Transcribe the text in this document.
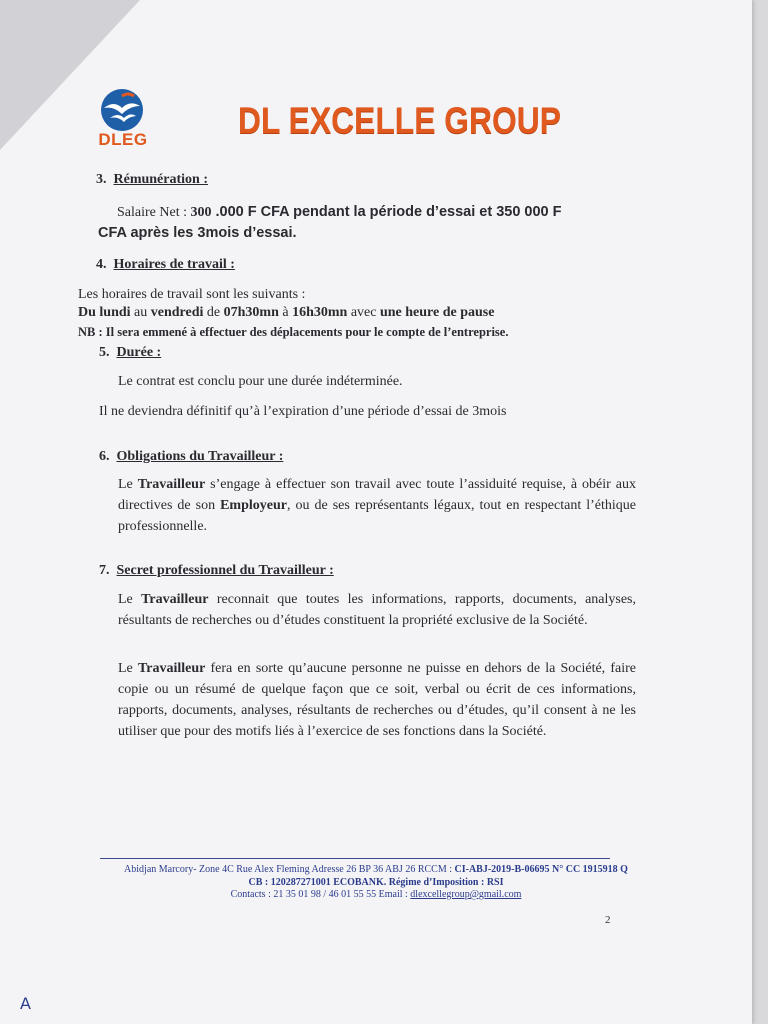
DLEG DL EXCELLE GROUP
3. Rémunération :
Salaire Net : 300 .000 F CFA pendant la période d’essai et 350 000 F
CFA après les 3mois d’essai.
4. Horaires de travail :
Les horaires de travail sont les suivants :
Du lundi au vendredi de 07h30mn à 16h30mn avec une heure de pause
NB : Il sera emmené à effectuer des déplacements pour le compte de l’entreprise.
5. Durée :
Le contrat est conclu pour une durée indéterminée.
Il ne deviendra définitif qu’à l’expiration d’une période d’essai de 3mois
6. Obligations du Travailleur :
Le Travailleur s’engage à effectuer son travail avec toute l’assiduité requise, à obéir aux directives de son Employeur, ou de ses représentants légaux, tout en respectant l’éthique professionnelle.
7. Secret professionnel du Travailleur :
Le Travailleur reconnait que toutes les informations, rapports, documents, analyses, résultants de recherches ou d’études constituent la propriété exclusive de la Société.
Le Travailleur fera en sorte qu’aucune personne ne puisse en dehors de la Société, faire copie ou un résumé de quelque façon que ce soit, verbal ou écrit de ces informations, rapports, documents, analyses, résultants de recherches ou d’études, qu’il consent à ne les utiliser que pour des motifs liés à l’exercice de ses fonctions dans la Société.
Abidjan Marcory- Zone 4C Rue Alex Fleming Adresse 26 BP 36 ABJ 26 RCCM : CI-ABJ-2019-B-06695 N° CC 1915918 Q
CB : 120287271001 ECOBANK. Régime d’Imposition : RSI
Contacts : 21 35 01 98 / 46 01 55 55 Email : dlexcellegroup@gmail.com
2
A
